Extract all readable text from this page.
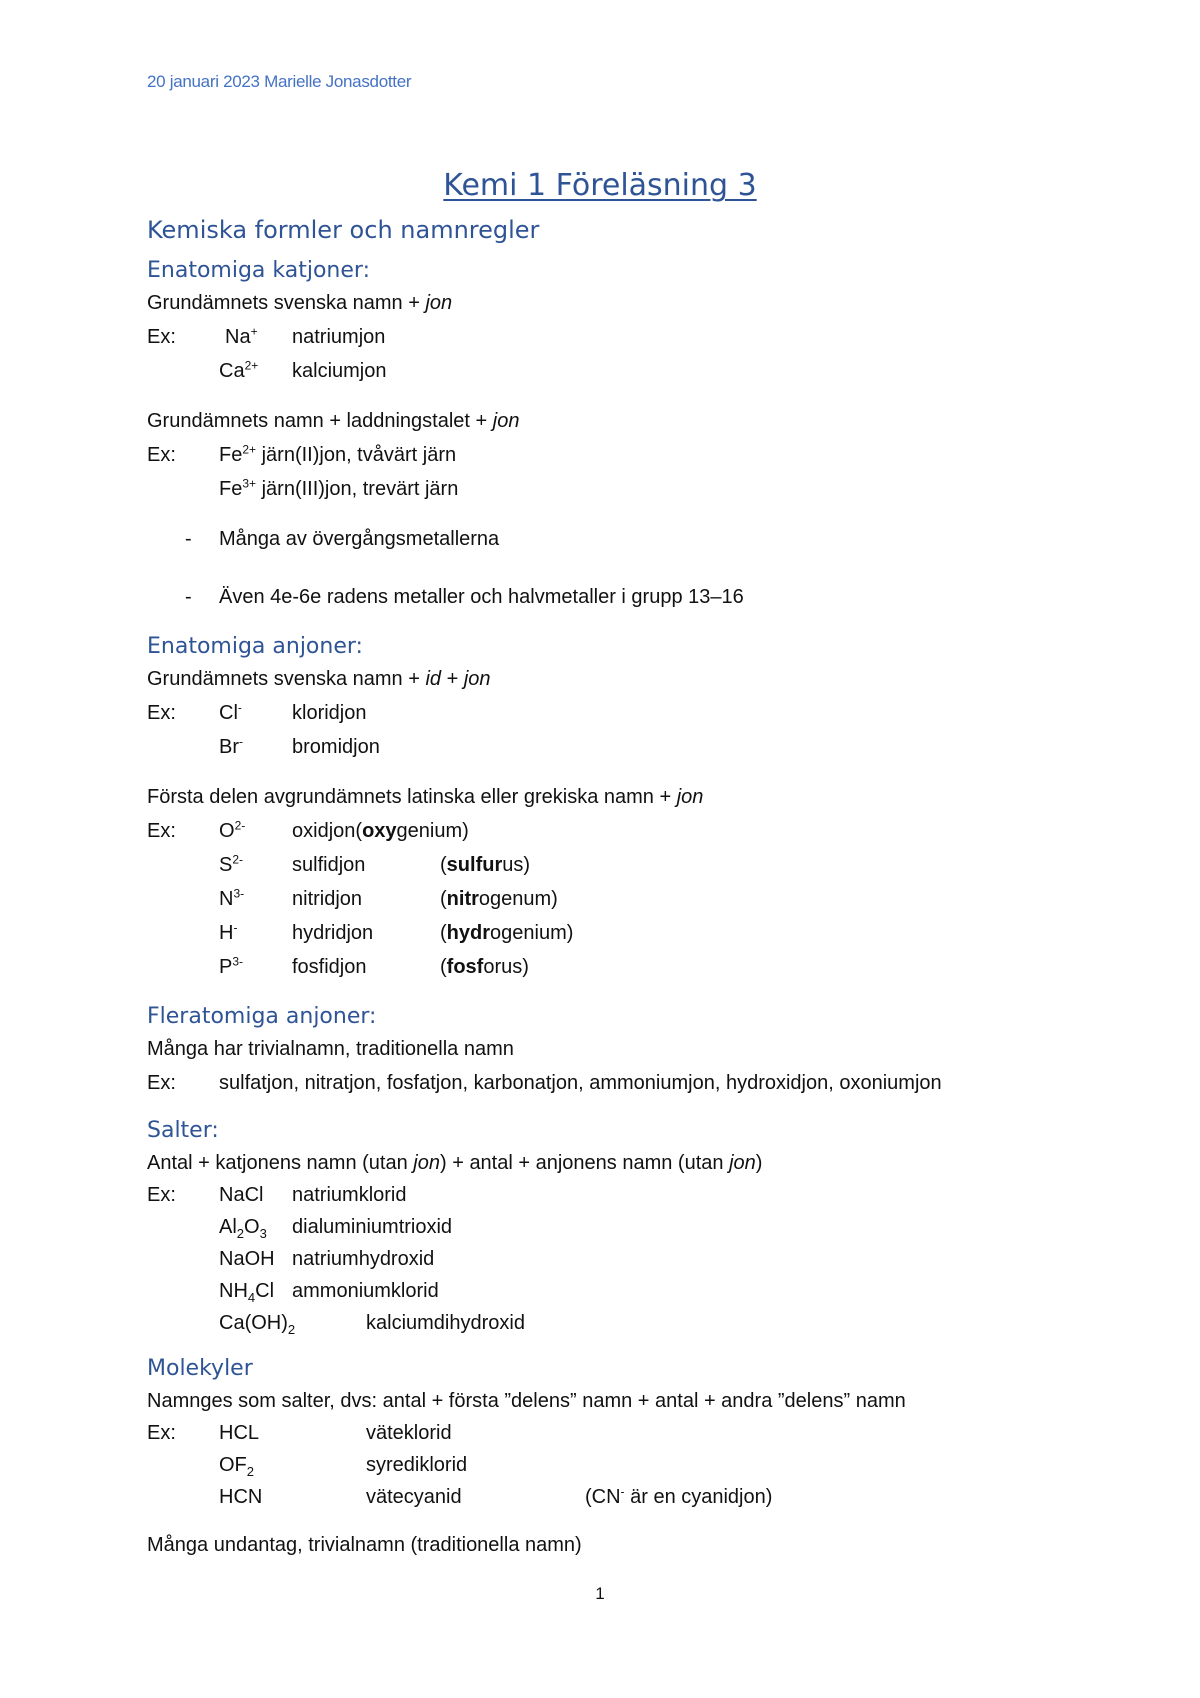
20 januari 2023 Marielle Jonasdotter
Kemi 1 Föreläsning 3
Kemiska formler och namnregler
Enatomiga katjoner:
Grundämnets svenska namn + jon
Ex: Na+ natriumjon
$Ca^{2+}$ kalciumjon
Grundämnets namn + laddningstalet + jon
Ex: $Fe^{2+}$ järn(II)jon, tvåvärt järn
$Fe^{3+}$ järn(III)jon, trevärt järn
- Många av övergångsmetallerna
- Även 4e-6e radens metaller och halvmetaller i grupp 13–16
Enatomiga anjoner:
Grundämnets svenska namn + id + jon
Ex: Cl-	kloridjon
Br- bromidjon
Första delen avgrundämnets latinska eller grekiska namn + jon
Ex: $O^{2-}$ oxidjon(oxygenium)
$S^{2-}$ sulfidjon	(sulfurus)
$N^{3-}$ nitridjon	(nitrogenum)
H-	hydridjon	(hydrogenium)
$P^{3-}$ fosfidjon	(fosforus)
Fleratomiga anjoner:
Många har trivialnamn, traditionella namn
Ex: sulfatjon, nitratjon, fosfatjon, karbonatjon, ammoniumjon, hydroxidjon, oxoniumjon
Salter:
Antal + katjonens namn (utan jon) + antal + anjonens namn (utan jon)
Ex: NaCl natriumklorid
$Al_2O_3$ dialuminiumtrioxid
NaOH natriumhydroxid
$NH_4Cl$ ammoniumklorid
$Ca(OH)_2$	kalciumdihydroxid
Molekyler
Namnges som salter, dvs: antal + första ”delens” namn + antal + andra ”delens” namn
Ex: HCL	väteklorid
$OF_2$	syrediklorid
HCN	vätecyanid	(CN- är en cyanidjon)
Många undantag, trivialnamn (traditionella namn)
1
